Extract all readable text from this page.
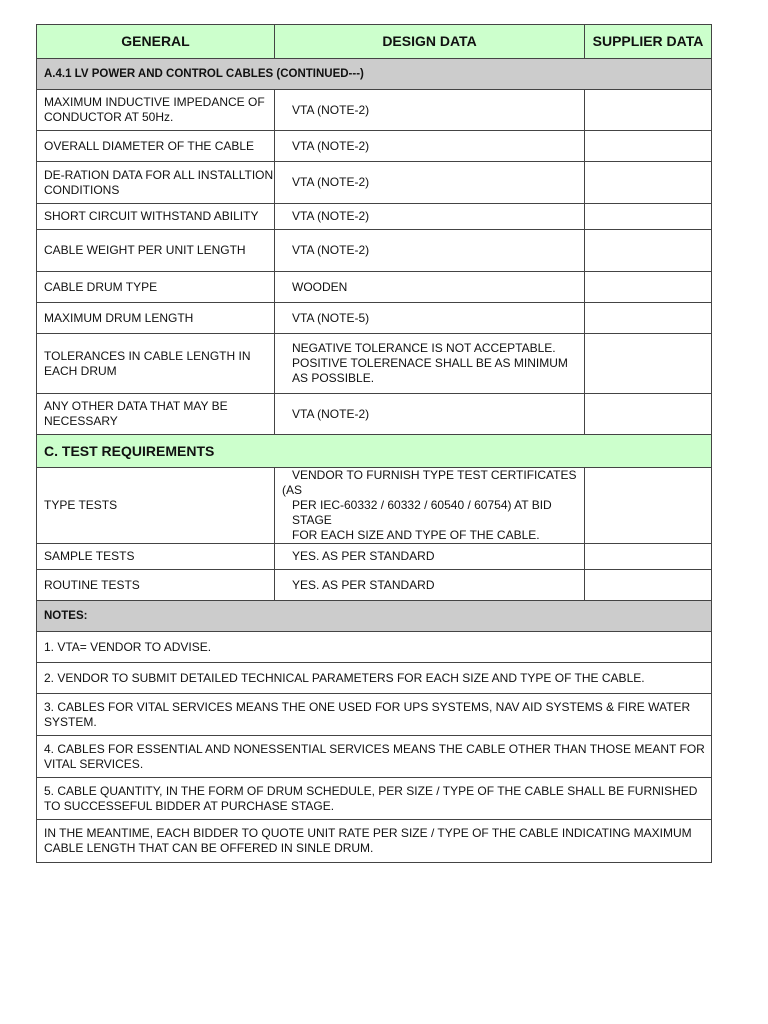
GENERAL	DESIGN DATA	SUPPLIER DATA
A.4.1 LV POWER AND CONTROL CABLES (CONTINUED---)		
MAXIMUM INDUCTIVE IMPEDANCE OF CONDUCTOR AT 50Hz.	VTA (NOTE-2)	
OVERALL DIAMETER OF THE CABLE	VTA (NOTE-2)	
DE-RATION DATA FOR ALL INSTALLTION CONDITIONS	VTA (NOTE-2)	
SHORT CIRCUIT WITHSTAND ABILITY	VTA (NOTE-2)	
CABLE WEIGHT PER UNIT LENGTH	VTA (NOTE-2)	
CABLE DRUM TYPE	WOODEN	
MAXIMUM DRUM LENGTH	VTA (NOTE-5)	
TOLERANCES IN CABLE LENGTH IN EACH DRUM	NEGATIVE TOLERANCE IS NOT ACCEPTABLE. POSITIVE TOLERENACE SHALL BE AS MINIMUM AS POSSIBLE.	
ANY OTHER DATA THAT MAY BE NECESSARY	VTA (NOTE-2)	
C. TEST REQUIREMENTS		
TYPE TESTS	VENDOR TO FURNISH TYPE TEST CERTIFICATES
(AS
PER IEC-60332 / 60332 / 60540 / 60754) AT BID STAGE
FOR EACH SIZE AND TYPE OF THE CABLE.	

SAMPLE TESTS	YES. AS PER STANDARD	
ROUTINE TESTS	YES. AS PER STANDARD	
NOTES:		
1. VTA= VENDOR TO ADVISE.		
2. VENDOR TO SUBMIT DETAILED TECHNICAL PARAMETERS FOR EACH SIZE AND TYPE OF THE CABLE.		
3. CABLES FOR VITAL SERVICES MEANS THE ONE USED FOR UPS SYSTEMS, NAV AID SYSTEMS & FIRE WATER SYSTEM.		
4. CABLES FOR ESSENTIAL AND NONESSENTIAL SERVICES MEANS THE CABLE OTHER THAN THOSE MEANT FOR VITAL SERVICES.		
5. CABLE QUANTITY, IN THE FORM OF DRUM SCHEDULE, PER SIZE / TYPE OF THE CABLE SHALL BE FURNISHED TO SUCCESSEFUL BIDDER AT PURCHASE STAGE.		
IN THE MEANTIME, EACH BIDDER TO QUOTE UNIT RATE PER SIZE / TYPE OF THE CABLE INDICATING MAXIMUM CABLE LENGTH THAT CAN BE OFFERED IN SINLE DRUM.		
